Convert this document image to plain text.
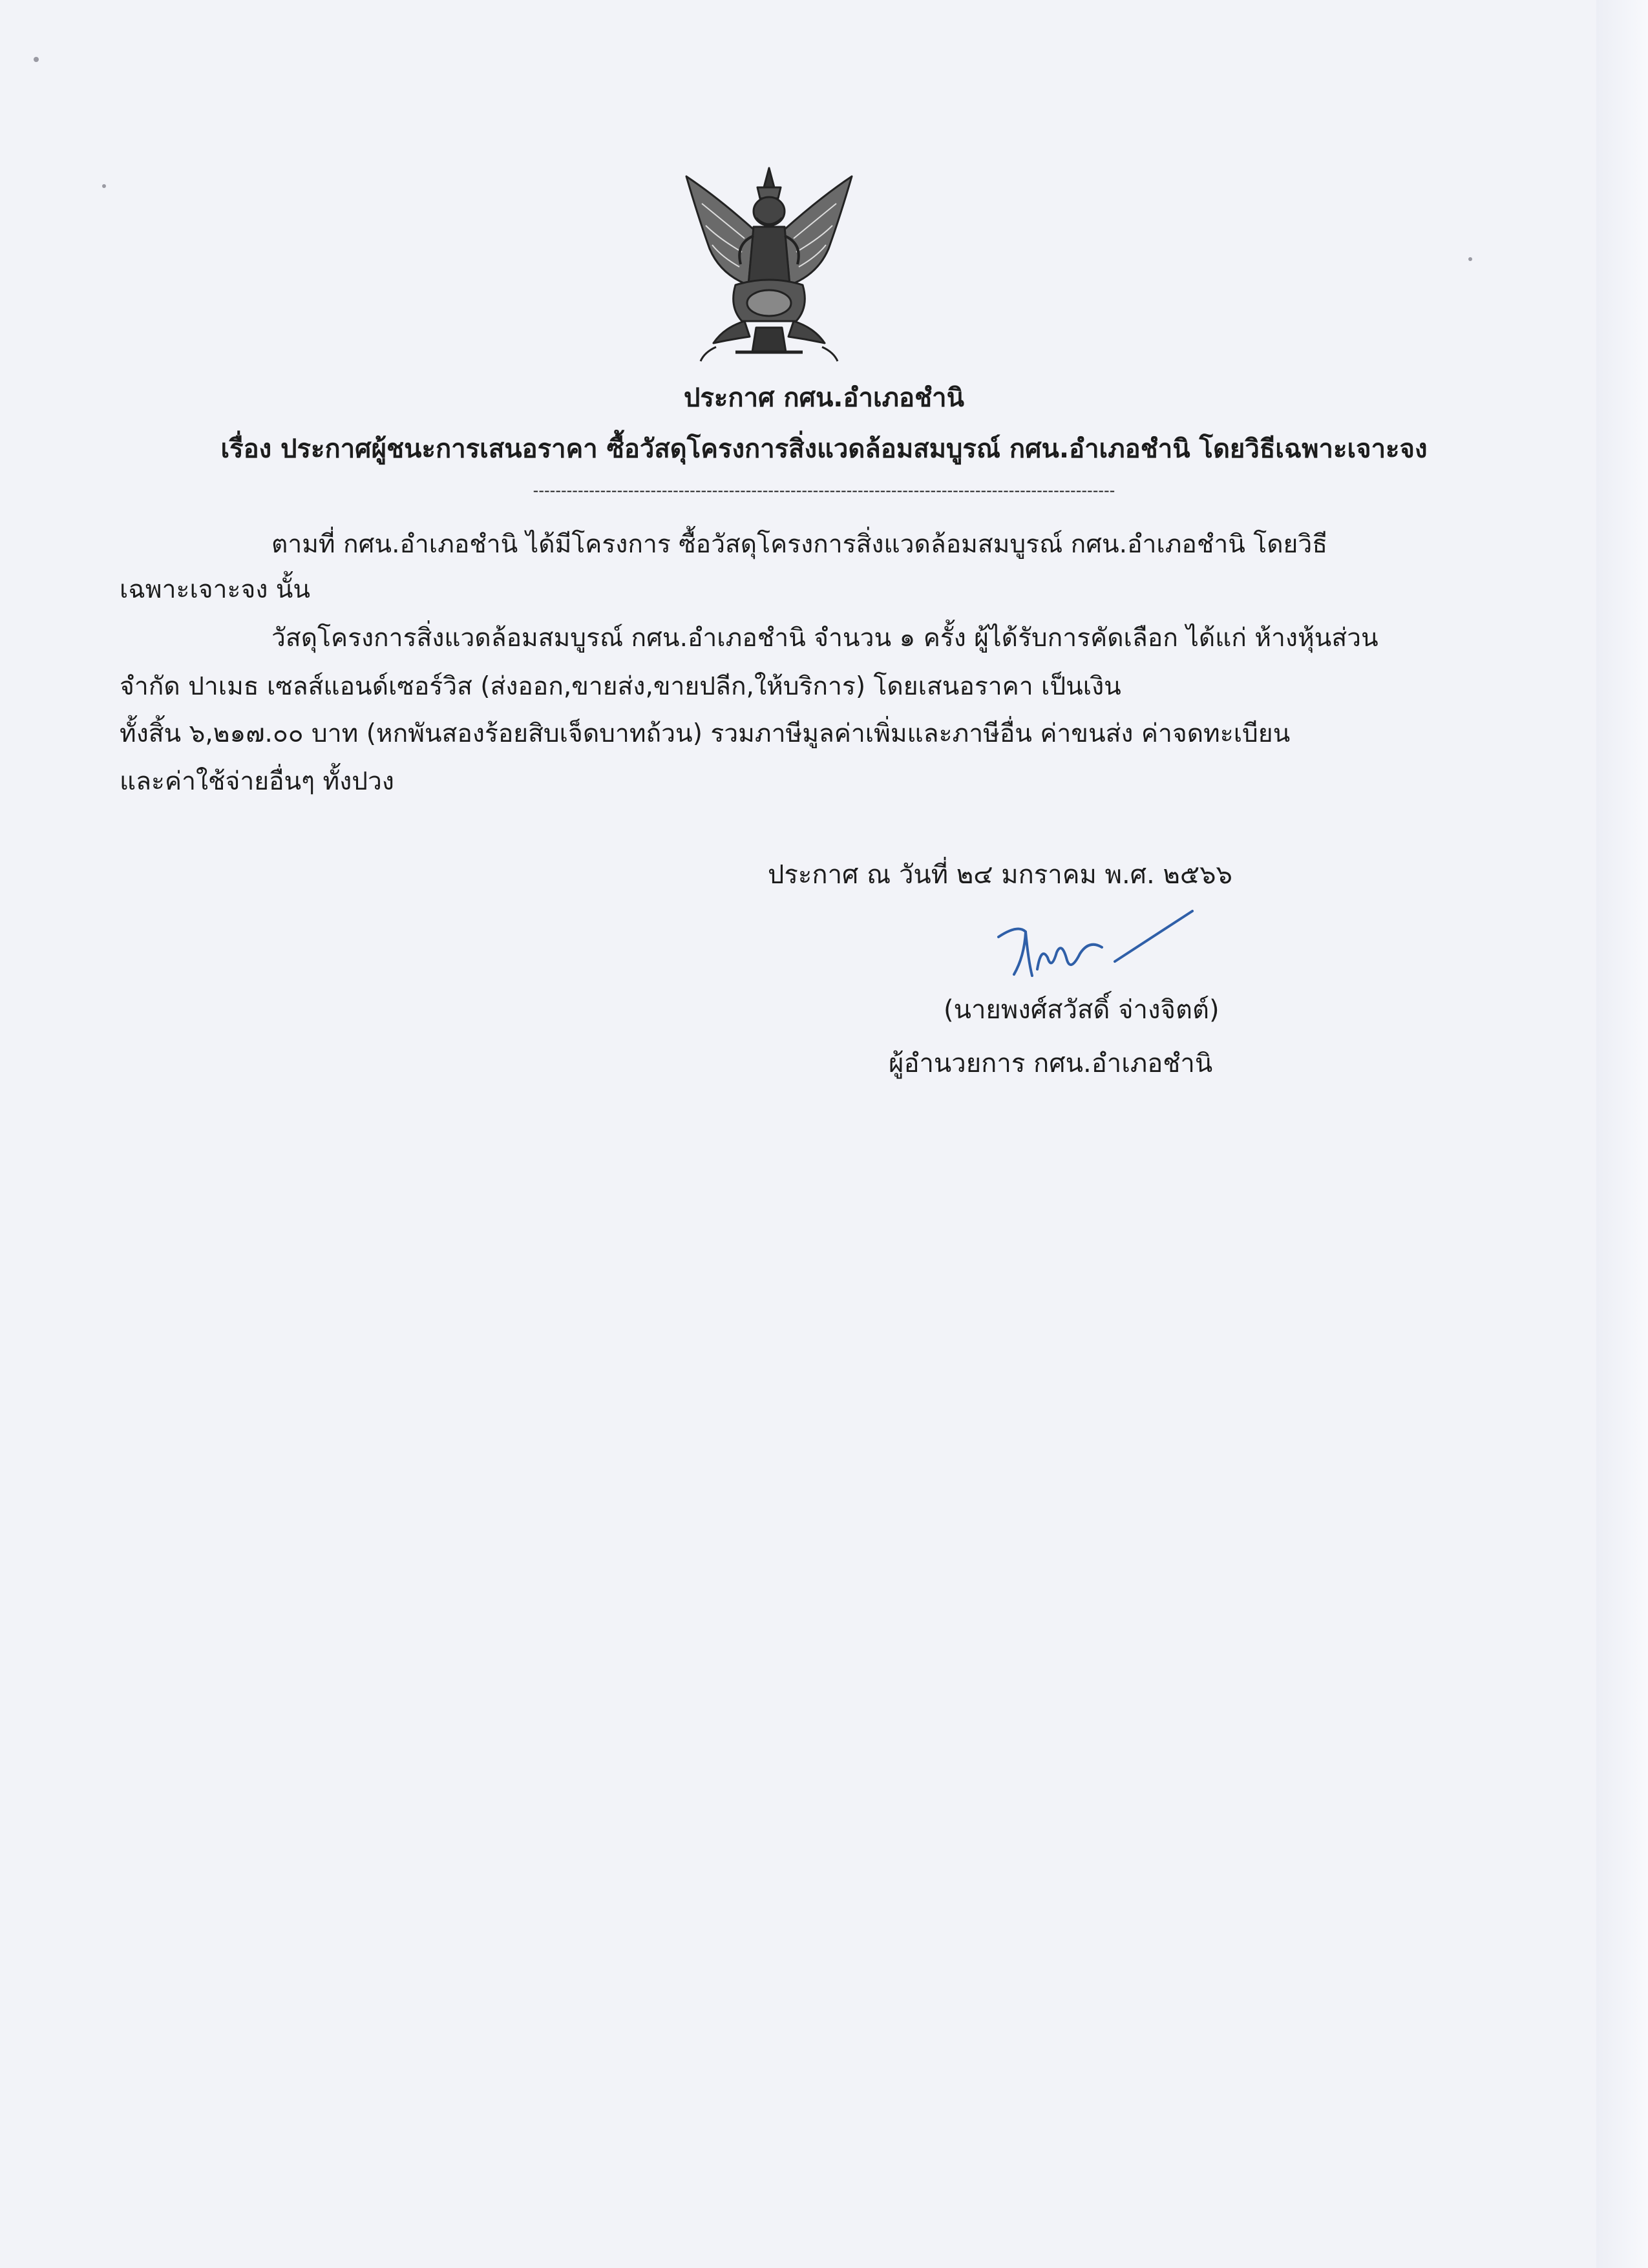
ประกาศ กศน.อำเภอชำนิ
เรื่อง ประกาศผู้ชนะการเสนอราคา ซื้อวัสดุโครงการสิ่งแวดล้อมสมบูรณ์ กศน.อำเภอชำนิ โดยวิธีเฉพาะเจาะจง
--------------------------------------------------------------------------------------------------------
ตามที่ กศน.อำเภอชำนิ ได้มีโครงการ ซื้อวัสดุโครงการสิ่งแวดล้อมสมบูรณ์ กศน.อำเภอชำนิ โดยวิธี
เฉพาะเจาะจง นั้น
วัสดุโครงการสิ่งแวดล้อมสมบูรณ์ กศน.อำเภอชำนิ จำนวน ๑ ครั้ง ผู้ได้รับการคัดเลือก ได้แก่ ห้างหุ้นส่วน
จำกัด ปาเมธ เซลส์แอนด์เซอร์วิส (ส่งออก,ขายส่ง,ขายปลีก,ให้บริการ) โดยเสนอราคา เป็นเงิน
ทั้งสิ้น ๖,๒๑๗.๐๐ บาท (หกพันสองร้อยสิบเจ็ดบาทถ้วน) รวมภาษีมูลค่าเพิ่มและภาษีอื่น ค่าขนส่ง ค่าจดทะเบียน
และค่าใช้จ่ายอื่นๆ ทั้งปวง
ประกาศ ณ วันที่ ๒๔ มกราคม พ.ศ. ๒๕๖๖
(นายพงศ์สวัสดิ์ จ่างจิตต์)
ผู้อำนวยการ กศน.อำเภอชำนิ
